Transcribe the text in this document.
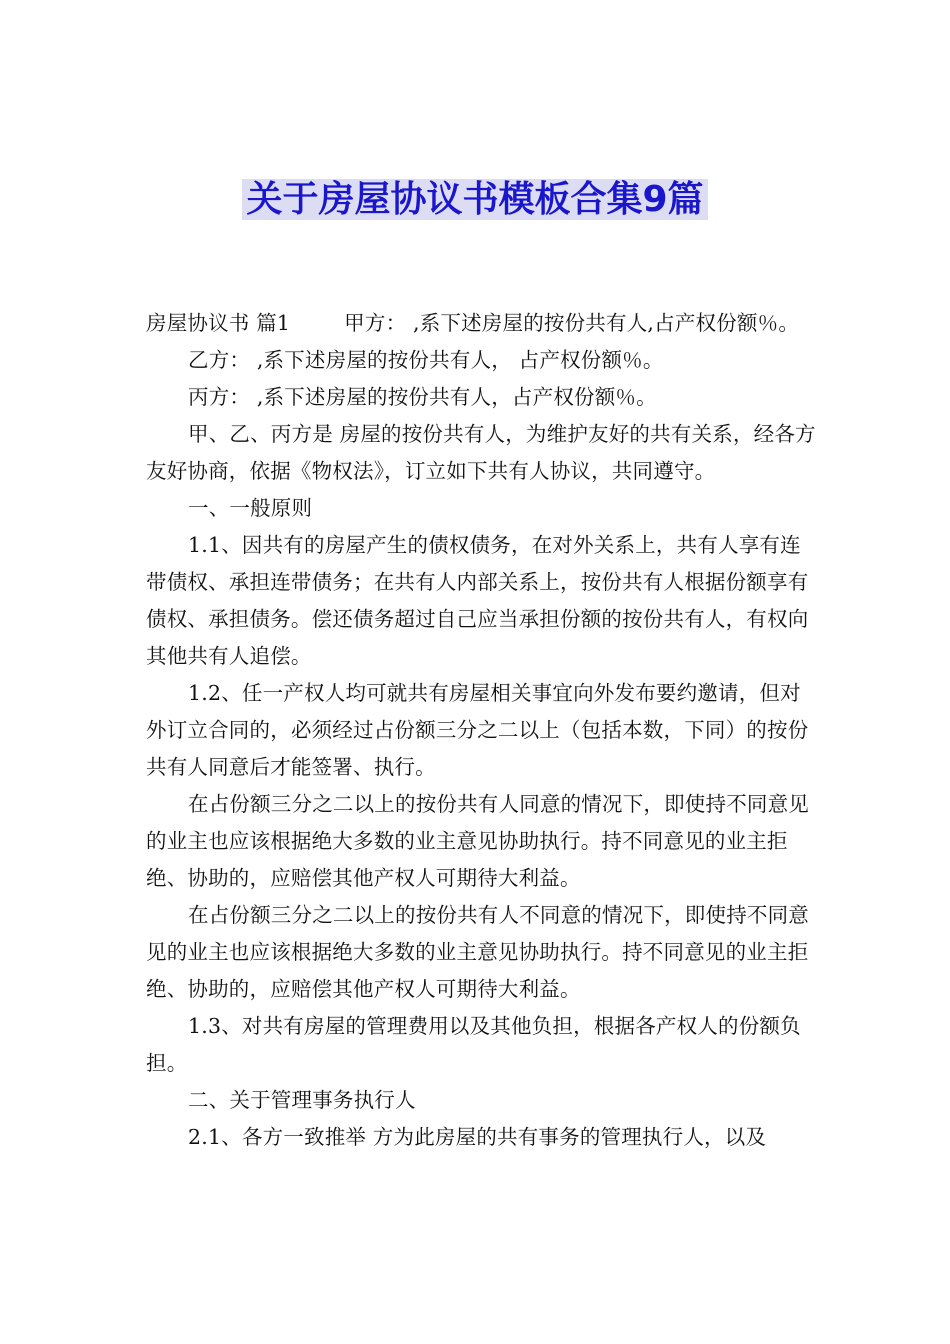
关于房屋协议书模板合集9篇

房屋协议书 篇1	甲方： ,系下述房屋的按份共有人,占产权份额％。

乙方： ,系下述房屋的按份共有人， 占产权份额％。

丙方： ,系下述房屋的按份共有人，占产权份额％。

甲、乙、丙方是 房屋的按份共有人，为维护友好的共有关系，经各方友好协商，依据《物权法》，订立如下共有人协议，共同遵守。

一、一般原则

1.1、因共有的房屋产生的债权债务，在对外关系上，共有人享有连带债权、承担连带债务；在共有人内部关系上，按份共有人根据份额享有债权、承担债务。偿还债务超过自己应当承担份额的按份共有人，有权向其他共有人追偿。

1.2、任一产权人均可就共有房屋相关事宜向外发布要约邀请，但对外订立合同的，必须经过占份额三分之二以上（包括本数，下同）的按份共有人同意后才能签署、执行。

在占份额三分之二以上的按份共有人同意的情况下，即使持不同意见的业主也应该根据绝大多数的业主意见协助执行。持不同意见的业主拒绝、协助的，应赔偿其他产权人可期待大利益。

在占份额三分之二以上的按份共有人不同意的情况下，即使持不同意见的业主也应该根据绝大多数的业主意见协助执行。持不同意见的业主拒绝、协助的，应赔偿其他产权人可期待大利益。

1.3、对共有房屋的管理费用以及其他负担，根据各产权人的份额负担。

二、关于管理事务执行人

2.1、各方一致推举 方为此房屋的共有事务的管理执行人，以及
